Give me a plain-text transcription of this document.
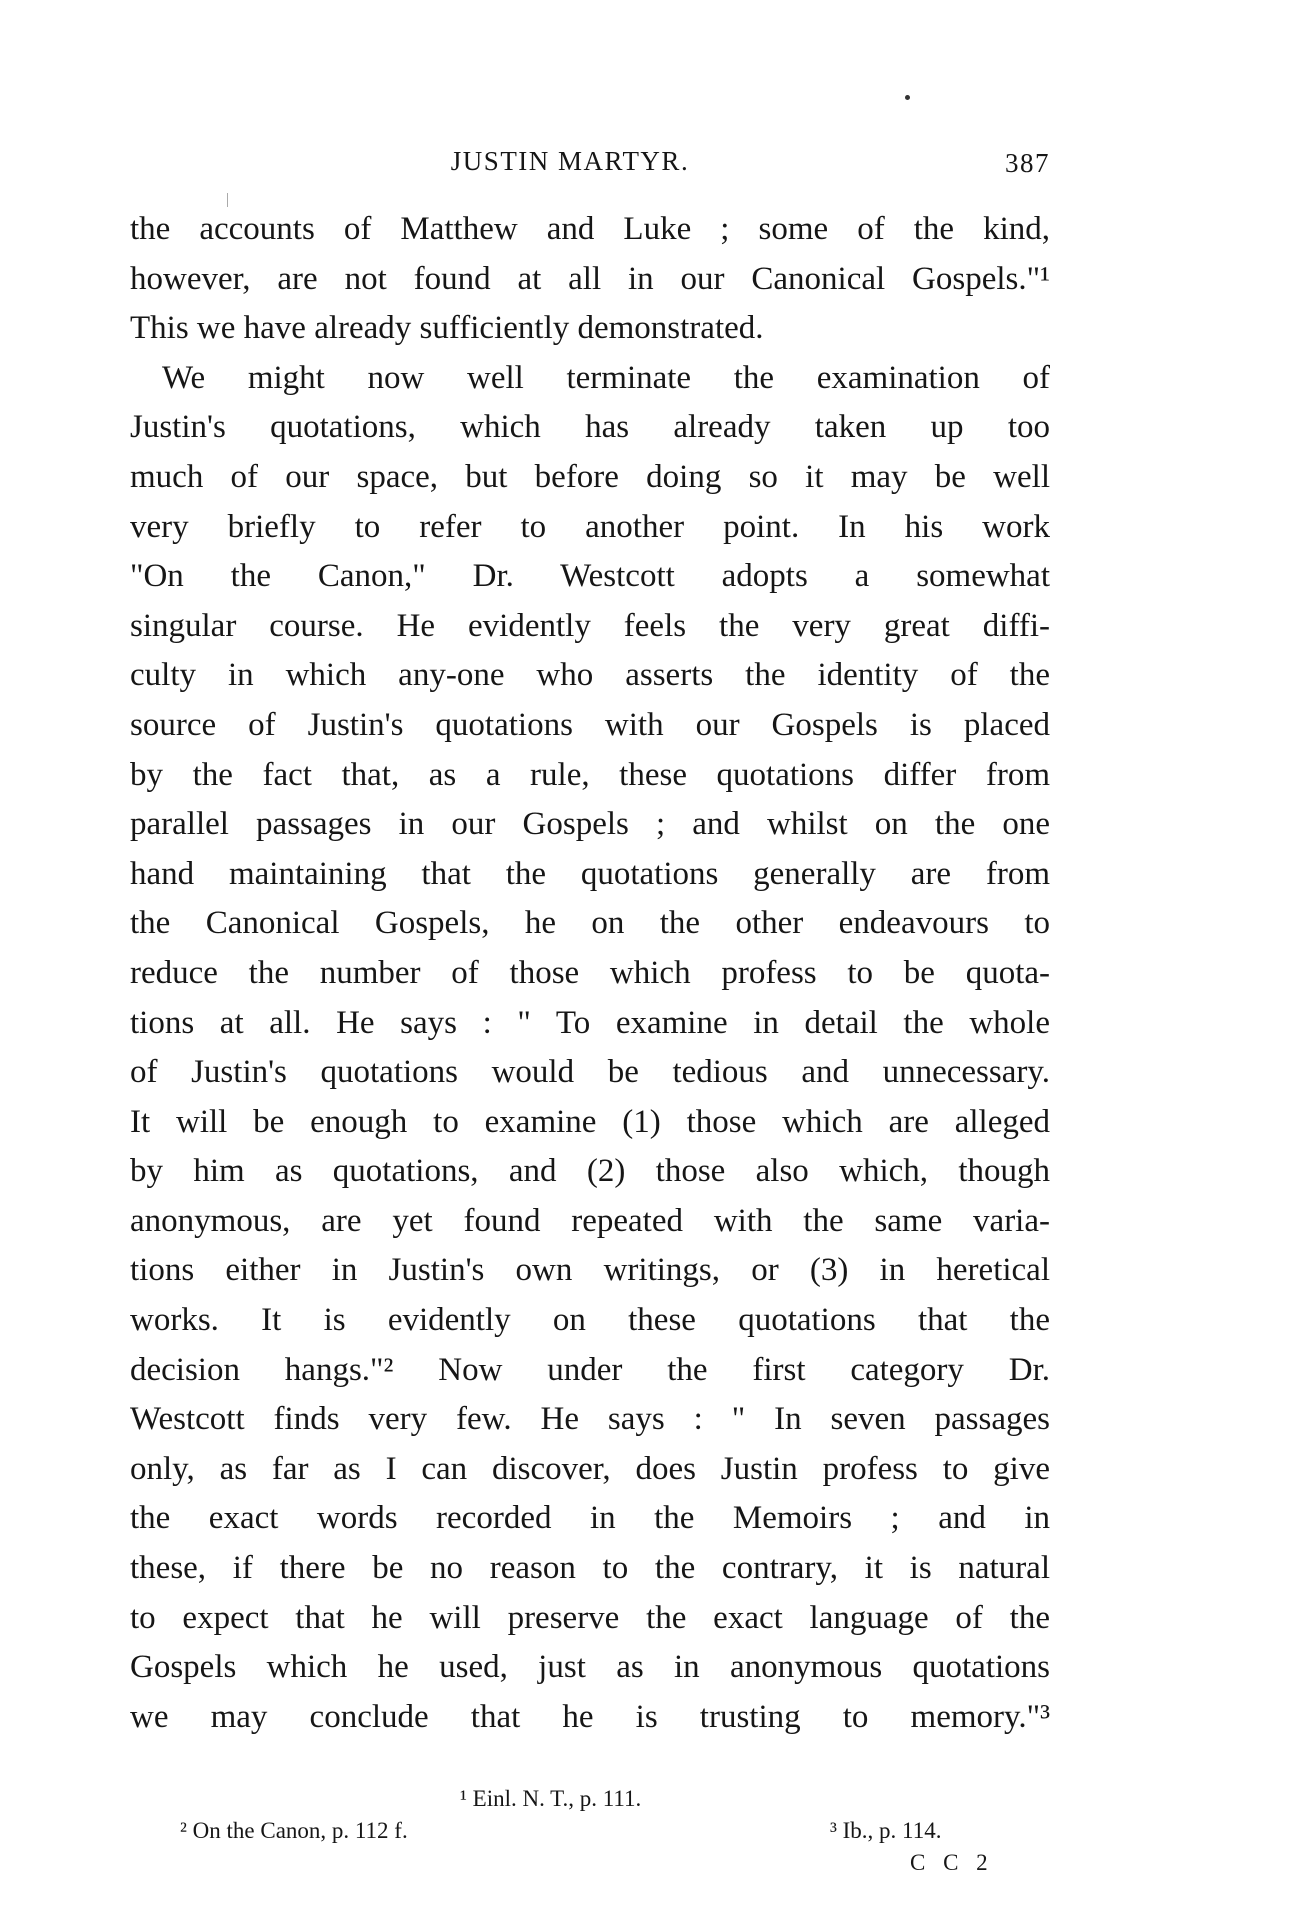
JUSTIN MARTYR.	387
the accounts of Matthew and Luke ; some of the kind,
however, are not found at all in our Canonical Gospels."¹
This we have already sufficiently demonstrated.
We might now well terminate the examination of
Justin's quotations, which has already taken up too
much of our space, but before doing so it may be well
very briefly to refer to another point. In his work
"On the Canon," Dr. Westcott adopts a somewhat
singular course. He evidently feels the very great diffi-
culty in which any-one who asserts the identity of the
source of Justin's quotations with our Gospels is placed
by the fact that, as a rule, these quotations differ from
parallel passages in our Gospels ; and whilst on the one
hand maintaining that the quotations generally are from
the Canonical Gospels, he on the other endeavours to
reduce the number of those which profess to be quota-
tions at all. He says : " To examine in detail the whole
of Justin's quotations would be tedious and unnecessary.
It will be enough to examine (1) those which are alleged
by him as quotations, and (2) those also which, though
anonymous, are yet found repeated with the same varia-
tions either in Justin's own writings, or (3) in heretical
works. It is evidently on these quotations that the
decision hangs."² Now under the first category Dr.
Westcott finds very few. He says : " In seven passages
only, as far as I can discover, does Justin profess to give
the exact words recorded in the Memoirs ; and in
these, if there be no reason to the contrary, it is natural
to expect that he will preserve the exact language of the
Gospels which he used, just as in anonymous quotations
we may conclude that he is trusting to memory."³
¹ Einl. N. T., p. 111.
² On the Canon, p. 112 f.	³ Ib., p. 114.
C C 2
